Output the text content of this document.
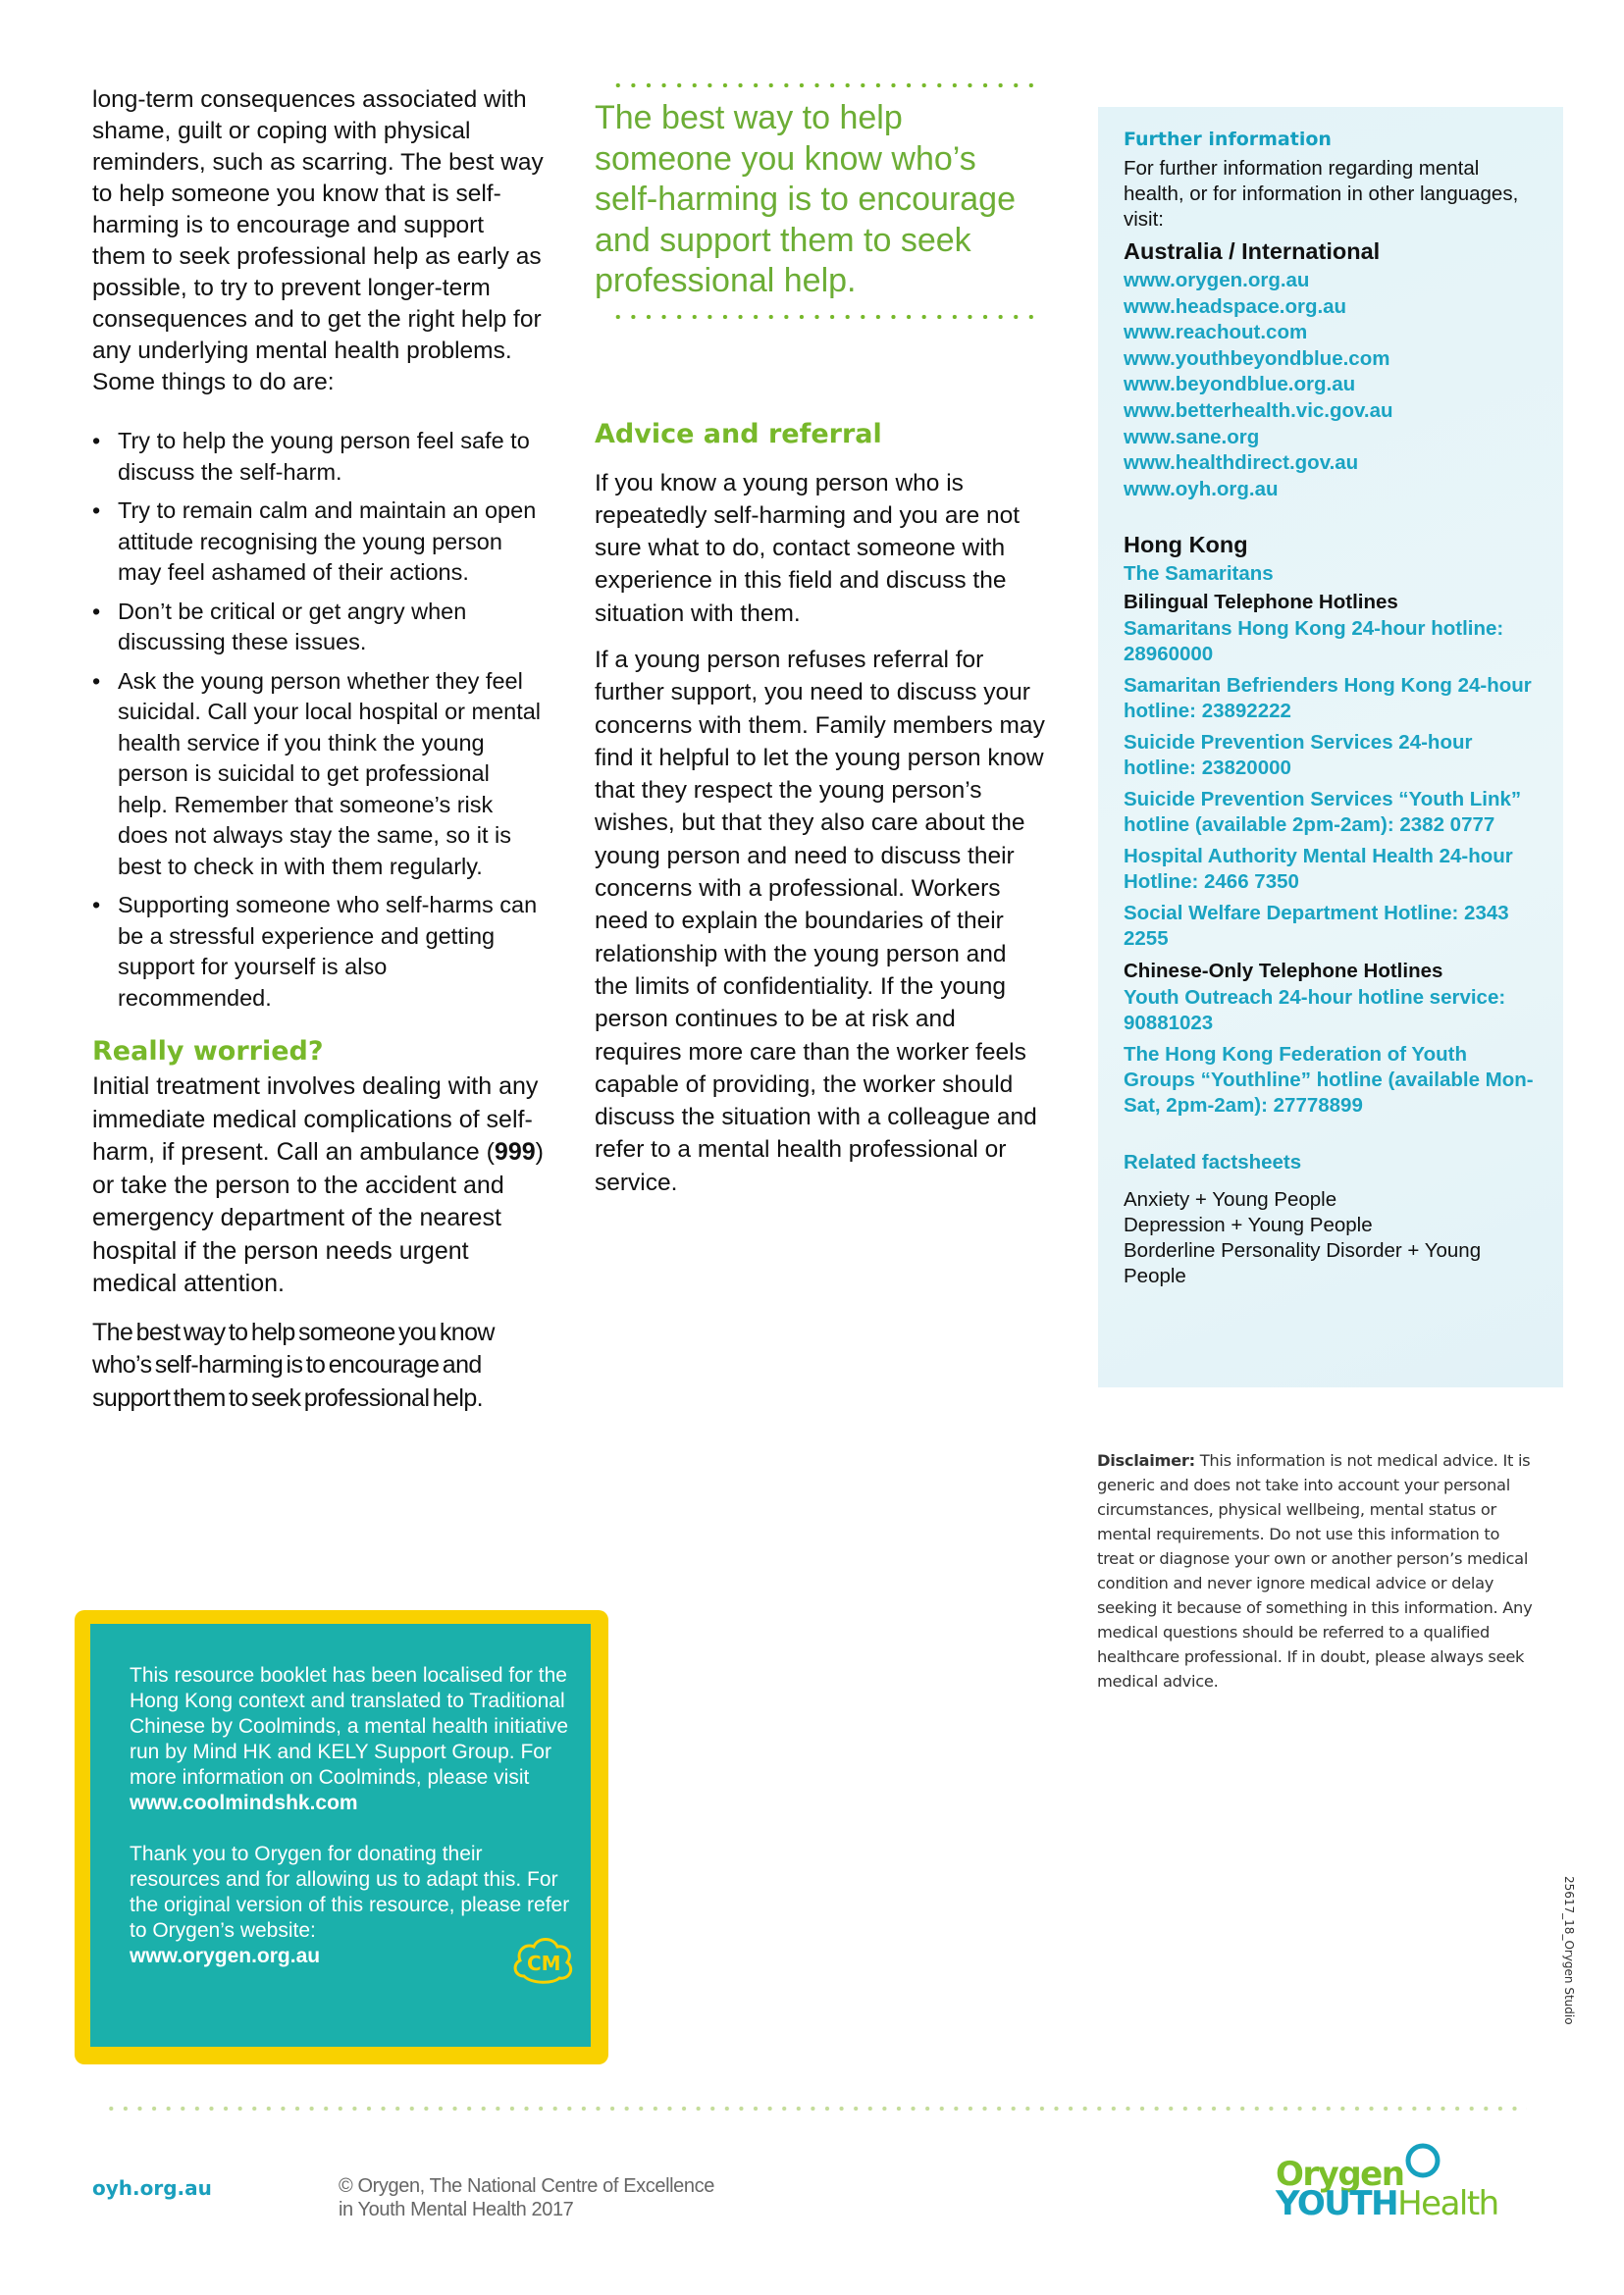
long-term consequences associated with shame, guilt or coping with physical reminders, such as scarring. The best way to help someone you know that is self- harming is to encourage and support them to seek professional help as early as possible, to try to prevent longer-term consequences and to get the right help for any underlying mental health problems. Some things to do are:

• Try to help the young person feel safe to discuss the self-harm.
• Try to remain calm and maintain an open attitude recognising the young person may feel ashamed of their actions.
• Don’t be critical or get angry when discussing these issues.
• Ask the young person whether they feel suicidal. Call your local hospital or mental health service if you think the young person is suicidal to get professional help. Remember that someone’s risk does not always stay the same, so it is best to check in with them regularly.
• Supporting someone who self-harms can be a stressful experience and getting support for yourself is also recommended.
Really worried?

Initial treatment involves dealing with any immediate medical complications of self-harm, if present. Call an ambulance (999) or take the person to the accident and emergency department of the nearest hospital if the person needs urgent medical attention.

The best way to help someone you know who’s self-harming is to encourage and support them to seek professional help.

The best way to help someone you know who’s self-harming is to encourage and support them to seek professional help.
Advice and referral

If you know a young person who is repeatedly self-harming and you are not sure what to do, contact someone with experience in this field and discuss the situation with them.

If a young person refuses referral for further support, you need to discuss your concerns with them. Family members may find it helpful to let the young person know that they respect the young person’s wishes, but that they also care about the young person and need to discuss their concerns with a professional. Workers need to explain the boundaries of their relationship with the young person and the limits of confidentiality. If the young person continues to be at risk and requires more care than the worker feels capable of providing, the worker should discuss the situation with a colleague and refer to a mental health professional or service.

Further information
For further information regarding mental health, or for information in other languages, visit:
Australia / International
www.orygen.org.au
www.headspace.org.au
www.reachout.com
www.youthbeyondblue.com
www.beyondblue.org.au
www.betterhealth.vic.gov.au
www.sane.org
www.healthdirect.gov.au
www.oyh.org.au
Hong Kong
The Samaritans
Bilingual Telephone Hotlines
Samaritans Hong Kong 24-hour hotline: 28960000
Samaritan Befrienders Hong Kong 24-hour hotline: 23892222
Suicide Prevention Services 24-hour hotline: 23820000
Suicide Prevention Services “Youth Link” hotline (available 2pm-2am): 2382 0777
Hospital Authority Mental Health 24-hour Hotline: 2466 7350
Social Welfare Department Hotline: 2343 2255
Chinese-Only Telephone Hotlines
Youth Outreach 24-hour hotline service: 90881023
The Hong Kong Federation of Youth Groups “Youthline” hotline (available Mon-Sat, 2pm-2am): 27778899
Related factsheets
Anxiety + Young People
Depression + Young People
Borderline Personality Disorder + Young People
Disclaimer: This information is not medical advice. It is generic and does not take into account your personal circumstances, physical wellbeing, mental status or mental requirements. Do not use this information to treat or diagnose your own or another person’s medical condition and never ignore medical advice or delay seeking it because of something in this information. Any medical questions should be referred to a qualified healthcare professional. If in doubt, please always seek medical advice.

This resource booklet has been localised for the Hong Kong context and translated to Traditional Chinese by Coolminds, a mental health initiative run by Mind HK and KELY Support Group. For more information on Coolminds, please visit
www.coolmindshk.com

Thank you to Orygen for donating their resources and for allowing us to adapt this. For the original version of this resource, please refer to Orygen’s website:
www.orygen.org.au	CM
oyh.org.au	© Orygen, The National Centre of Excellence
in Youth Mental Health 2017
Orygen
YOUTHHealth
25617_18_Orygen Studio
